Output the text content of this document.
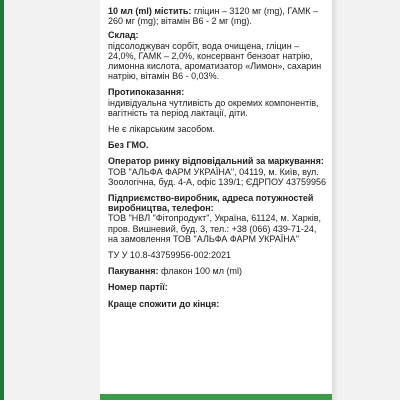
10 мл (ml) містить: гліцин – 3120 мг (mg), ГАМК – 260 мг (mg); вітамін В6 - 2 мг (mg).

Склад:

підсолоджувач сорбіт, вода очищена, гліцин – 24,0%, ГАМК – 2,0%, консервант бензоат натрію, лимонна кислота, ароматизатор «Лимон», сахарин натрію, вітамін В6 - 0,03%.

Протипоказання:

індивідуальна чутливість до окремих компонентів, вагітність та період лактації, діти.

Не є лікарським засобом.

Без ГМО.

Оператор ринку відповідальний за маркування:

ТОВ "АЛЬФА ФАРМ УКРАЇНА", 04119, м. Київ, вул. Зоологічна, буд. 4-А, офіс 139/1; ЄДРПОУ 43759956

Підприємство-виробник, адреса потужностей виробництва, телефон:

ТОВ "НВЛ "Фітопродукт", Україна, 61124, м. Харків, пров. Вишневий, буд. 3, тел.: +38 (066) 439-71-24, на замовлення ТОВ "АЛЬФА ФАРМ УКРАЇНА"

ТУ У 10.8-43759956-002:2021

Пакування: флакон 100 мл (ml)

Номер партії:

Краще спожити до кінця:
